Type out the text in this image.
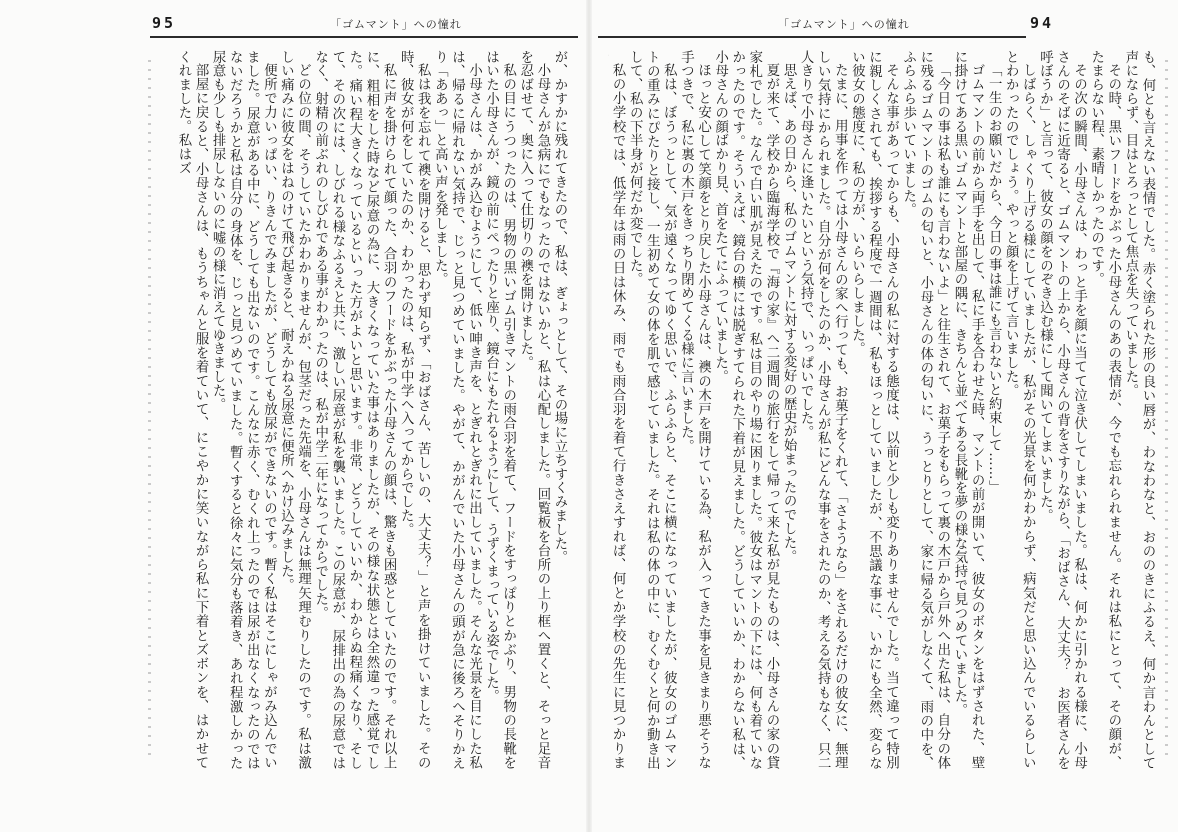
95	「ゴムマント」への憧れ

が、かすかに残れてきたので、私は、ぎょっとして、その場に立ちすくみました。

小母さんが急病にでもなったのではないかと、私は心配しました。回覧板を台所の上り框へ置くと、そっと足音を忍ばせて、奥に入って仕切りの襖を開けました。

私の目にうつったのは、男物の黒いゴム引きマントの雨合羽を着て、フードをすっぽりとかぶり、男物の長靴をはいた小母さんが、鏡の前にぺったりと座り、鏡台にもたれるようにして、うずくまっている姿でした。

小母さんは、かがみ込むようにして、低い呻き声を、とぎれとぎれに出していました。そんな光景を目にした私は、帰るに帰れない気持で、じっと見つめていました。やがて、かがんでいた小母さんの頭が急に後ろへそりかえり「ああっ」と高い声を発しました。

私は我を忘れて襖を開けると、思わず知らず、「おばさん、苦しいの、大丈夫？」と声を掛けていました。その時、彼女が何をしていたのか、わかったのは、私が中学へ入ってからでした。

私に声を掛けられて顔った、合羽のフードをかぶった小母さんの顔は、驚きも困惑としていたのです。それ以上に、粗相をした時など尿意の為に、大きくなっていた事はありましたが、その様な状態とは全然違った感覚でした。痛い程大きくなっているといった方がよいと思います。非常、どうしていいか、わからぬ程痛くなり、そして、その次には、しびれる様なふるえと共に、激しい尿意が私を襲いました。この尿意が、尿排出の為の尿意ではなく、射精の前ぶれのしびれである事がわかったのは、私が中学二年になってからでした。

どの位の間、そうしていたかわかりませんが、包茎だった先端を、小母さんは無理矢理むりしたのです。私は激しい痛みに彼女をはねのけて飛び起きると、耐えかねる尿意に便所へかけ込みました。

便所で力いっぱい、りきんでみましたが、どうしても放尿ができないのです。暫く私はそこにしゃがみ込んでいました。尿意がある中に、どうしても出ないのです。こんなに赤く、むくれ上ったのでは尿が出なくなったのではないだろうかと私は自分の身体を、じっと見つめていました。暫くすると徐々に気分も落着き、あれ程激しかった尿意も少しも排尿しないのに嘘の様に消えてゆきました。

部屋に戻ると、小母さんは、もうちゃんと服を着ていて、にこやかに笑いながら私に下着とズボンを、はかせてくれました。私はズ

94
「ゴムマント」への憧れ

も、何とも言えない表情でした。赤く塗られた形の良い唇が、わなわなと、おののきにふるえ、何か言わんとして声にならず、目はとろっとして焦点を失っていました。

その時、黒いフードをかぶった小母さんのあの表情が、今でも忘れられません。それは私にとって、その顔が、たまらない程、素晴しかったのです。

その次の瞬間、小母さんは、わっと手を顔に当てて泣き伏してしまいました。私は、何かに引かれる様に、小母さんのそばに近寄ると、ゴムマントの上から、小母さんの背をさすりながら、「おばさん、大丈夫？　お医者さんを呼ぼうか」と言って、彼女の顔をのぞき込む様にして聞いてしまいました。

しばらく、しゃくり上げる様にしていましたが、私がその光景を何かわからず、病気だと思い込んでいるらしいとわかったのでしょう。やっと顔を上げて言いました。

「一生のお願いだから、今日の事は誰にも言わないと約束して……」

ゴムマントの前から両手を出して、私に手を合わせた時、マントの前が開いて、彼女のボタンをはずされた、壁に掛けてある黒いゴムマントと部屋の隅に、きちんと並べてある長靴を夢の様な気持で見つめていました。

「今日の事は私も誰にも言わないよ」と往生されて、お菓子をもらって裏の木戸から戸外へ出た私は、自分の体に残るゴムマントのゴムの匂いと、小母さんの体の匂いに、うっとりとして、家に帰る気がしなくて、雨の中を、ふらふら歩いていました。

そんな事があってからも、小母さんの私に対する態度は、以前と少しも変りありませんでした。当て違って特別に親しくされても、挨拶する程度で一週間は、私もほっとしていましたが、不思議な事に、いかにも全然、変らない彼女の態度に、私の方が、いらいらしました。

たまに、用事を作っては小母さんの家へ行っても、お菓子をくれて、「さようなら」をされるだけの彼女に、無理しい気持にかられました。自分が何をしたのか、小母さんが私にどんな事をされたのか、考える気持もなく、只二人きりで小母さんに逢いたいという気持で、いっぱいでした。

思えば、あの日から、私のゴムマントに対する変好の歴史が始まったのでした。

夏が来て、学校から臨海学校で『海の家』へ二週間の旅行をして帰って来た私が見たものは、小母さんの家の貸家札でした。なんで白い肌が見えたのです。私は目のやり場に困りました。彼女はマントの下には、何も着ていなかったのです。そういえば、鏡台の横には脱ぎすてられた下着が見えました。どうしていいか、わからない私は、小母さんの顔ばかり見、首をたてにふっていました。

ほっと安心して笑顔をとり戻した小母さんは、襖の木戸を開けている為、私が入ってきた事を見きまり悪そうな手つきで、私に裏の木戸をきっちり閉めてくる様に言いました。

私は、ぼうっとして、気が遠くなってゆく思いで、ふらふらと、そこに横になっていましたが、彼女のゴムマントの重みにぴたりと接し、一生初めて女の体を肌で感じていました。それは私の体の中に、むくむくと何か動き出して、私の下半身が何だか変でした。

私の小学校では、低学年は雨の日は休み、雨でも雨合羽を着て行きさえすれば、何とか学校の先生に見つかりま
